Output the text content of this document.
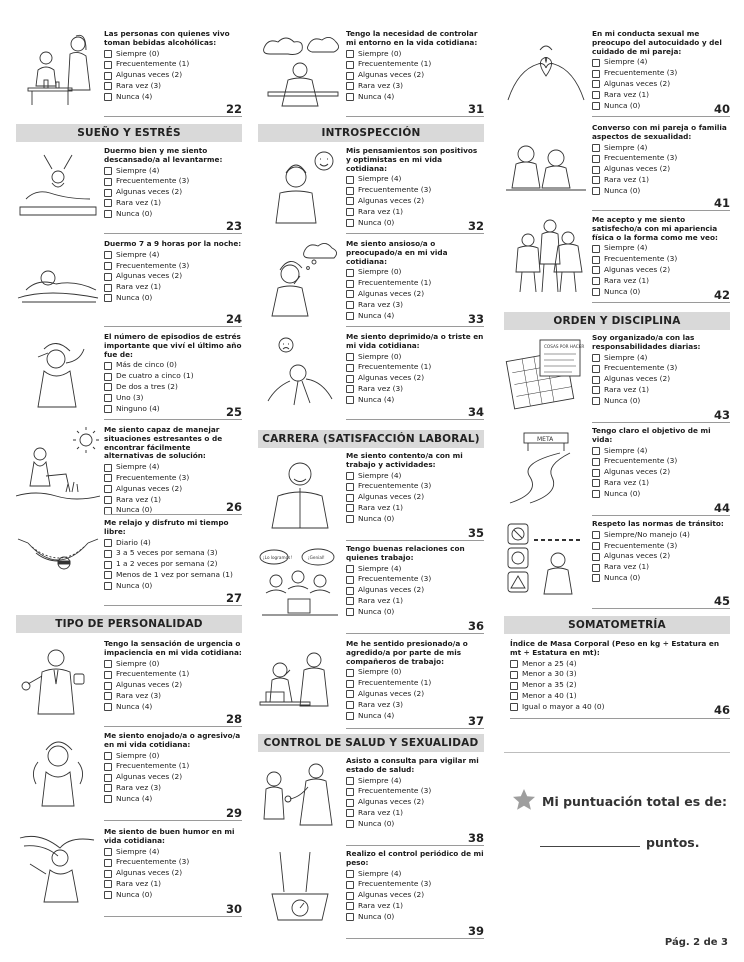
Las personas con quienes vivo toman bebidas alcohólicas:
Siempre (0)
Frecuentemente (1)
Algunas veces (2)
Rara vez (3)
Nunca (4)
22
SUEÑO Y ESTRÉS
Duermo bien y me siento descansado/a al levantarme:
Siempre (4)
Frecuentemente (3)
Algunas veces (2)
Rara vez (1)
Nunca (0)
23
Duermo 7 a 9 horas por la noche:
Siempre (4)
Frecuentemente (3)
Algunas veces (2)
Rara vez (1)
Nunca (0)
24
El número de episodios de estrés importante que viví el último año fue de:
Más de cinco (0)
De cuatro a cinco (1)
De dos a tres (2)
Uno (3)
Ninguno (4)	25
Me siento capaz de manejar situaciones estresantes o de encontrar fácilmente alternativas de solución:
Siempre (4)
Frecuentemente (3)
Algunas veces (2)
Rara vez (1)
Nunca (0)	26
Me relajo y disfruto mi tiempo libre:
Diario (4)
3 a 5 veces por semana (3)
1 a 2 veces por semana (2)
Menos de 1 vez por semana (1)
Nunca (0)
27
TIPO DE PERSONALIDAD
Tengo la sensación de urgencia o impaciencia en mi vida cotidiana:
Siempre (0)
Frecuentemente (1)
Algunas veces (2)
Rara vez (3)
Nunca (4)
28
Me siento enojado/a o agresivo/a en mi vida cotidiana:
Siempre (0)
Frecuentemente (1)
Algunas veces (2)
Rara vez (3)
Nunca (4)
29
Me siento de buen humor en mi vida cotidiana:
Siempre (4)
Frecuentemente (3)
Algunas veces (2)
Rara vez (1)
Nunca (0)
30
Tengo la necesidad de controlar mi entorno en la vida cotidiana:
Siempre (0)
Frecuentemente (1)
Algunas veces (2)
Rara vez (3)
Nunca (4)
31
INTROSPECCIÓN
Mis pensamientos son positivos y optimistas en mi vida cotidiana:
Siempre (4)
Frecuentemente (3)
Algunas veces (2)
Rara vez (1)
Nunca (0)	32
Me siento ansioso/a o preocupado/a en mi vida cotidiana:
Siempre (0)
Frecuentemente (1)
Algunas veces (2)
Rara vez (3)
Nunca (4)	33
Me siento deprimido/a o triste en mi vida cotidiana:
Siempre (0)
Frecuentemente (1)
Algunas veces (2)
Rara vez (3)
Nunca (4)
34
CARRERA (SATISFACCIÓN LABORAL)
Me siento contento/a con mi trabajo y actividades:
Siempre (4)
Frecuentemente (3)
Algunas veces (2)
Rara vez (1)
Nunca (0)
35
¡Lo logramos!	¡Genial!
Tengo buenas relaciones con quienes trabajo:
Siempre (4)
Frecuentemente (3)
Algunas veces (2)
Rara vez (1)
Nunca (0)
36
Me he sentido presionado/a o agredido/a por parte de mis compañeros de trabajo:
Siempre (0)
Frecuentemente (1)
Algunas veces (2)
Rara vez (3)
Nunca (4)	37
CONTROL DE SALUD Y SEXUALIDAD
Asisto a consulta para vigilar mi estado de salud:
Siempre (4)
Frecuentemente (3)
Algunas veces (2)
Rara vez (1)
Nunca (0)
38
Realizo el control periódico de mi peso:
Siempre (4)
Frecuentemente (3)
Algunas veces (2)
Rara vez (1)
Nunca (0)
39
En mi conducta sexual me preocupo del autocuidado y del cuidado de mi pareja:
Siempre (4)
Frecuentemente (3)
Algunas veces (2)
Rara vez (1)
Nunca (0)	40
Converso con mi pareja o familia aspectos de sexualidad:
Siempre (4)
Frecuentemente (3)
Algunas veces (2)
Rara vez (1)
Nunca (0)
41
Me acepto y me siento satisfecho/a con mi apariencia física o la forma como me veo:
Siempre (4)
Frecuentemente (3)
Algunas veces (2)
Rara vez (1)
Nunca (0)	42
ORDEN Y DISCIPLINA
COSAS POR HACER
Soy organizado/a con las responsabilidades diarias:
Siempre (4)
Frecuentemente (3)
Algunas veces (2)
Rara vez (1)
Nunca (0)
43
META
Tengo claro el objetivo de mi vida:
Siempre (4)
Frecuentemente (3)
Algunas veces (2)
Rara vez (1)
Nunca (0)
44
Respeto las normas de tránsito:
Siempre/No manejo (4)
Frecuentemente (3)
Algunas veces (2)
Rara vez (1)
Nunca (0)
45
SOMATOMETRÍA
Índice de Masa Corporal (Peso en kg ÷ Estatura en mt ÷ Estatura en mt):
Menor a 25 (4)
Menor a 30 (3)
Menor a 35 (2)
Menor a 40 (1)
Igual o mayor a 40 (0)	46
Mi puntuación total es de:
puntos.
Pág. 2 de 3
